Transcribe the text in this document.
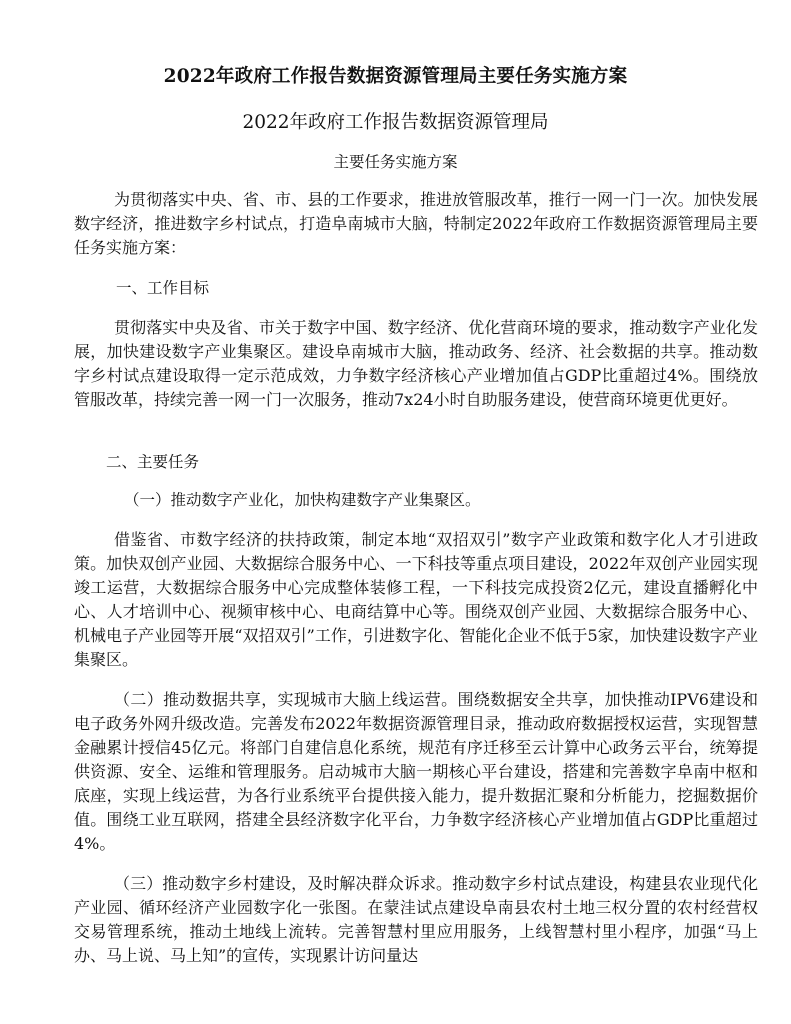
2022年政府工作报告数据资源管理局主要任务实施方案
2022年政府工作报告数据资源管理局
主要任务实施方案

为贯彻落实中央、省、市、县的工作要求，推进放管服改革，推行一网一门一次。加快发展数字经济，推进数字乡村试点，打造阜南城市大脑，特制定2022年政府工作数据资源管理局主要任务实施方案：

一、工作目标

贯彻落实中央及省、市关于数字中国、数字经济、优化营商环境的要求，推动数字产业化发展，加快建设数字产业集聚区。建设阜南城市大脑，推动政务、经济、社会数据的共享。推动数字乡村试点建设取得一定示范成效，力争数字经济核心产业增加值占GDP比重超过4%。围绕放管服改革，持续完善一网一门一次服务，推动7x24小时自助服务建设，使营商环境更优更好。

二、主要任务

（一）推动数字产业化，加快构建数字产业集聚区。

借鉴省、市数字经济的扶持政策，制定本地“双招双引”数字产业政策和数字化人才引进政策。加快双创产业园、大数据综合服务中心、一下科技等重点项目建设，2022年双创产业园实现竣工运营，大数据综合服务中心完成整体装修工程，一下科技完成投资2亿元，建设直播孵化中心、人才培训中心、视频审核中心、电商结算中心等。围绕双创产业园、大数据综合服务中心、机械电子产业园等开展“双招双引”工作，引进数字化、智能化企业不低于5家，加快建设数字产业集聚区。

（二）推动数据共享，实现城市大脑上线运营。围绕数据安全共享，加快推动IPV6建设和电子政务外网升级改造。完善发布2022年数据资源管理目录，推动政府数据授权运营，实现智慧金融累计授信45亿元。将部门自建信息化系统，规范有序迁移至云计算中心政务云平台，统筹提供资源、安全、运维和管理服务。启动城市大脑一期核心平台建设，搭建和完善数字阜南中枢和底座，实现上线运营，为各行业系统平台提供接入能力，提升数据汇聚和分析能力，挖掘数据价值。围绕工业互联网，搭建全县经济数字化平台，力争数字经济核心产业增加值占GDP比重超过4%。

（三）推动数字乡村建设，及时解决群众诉求。推动数字乡村试点建设，构建县农业现代化产业园、循环经济产业园数字化一张图。在蒙洼试点建设阜南县农村土地三权分置的农村经营权交易管理系统，推动土地线上流转。完善智慧村里应用服务，上线智慧村里小程序，加强“马上办、马上说、马上知”的宣传，实现累计访问量达
